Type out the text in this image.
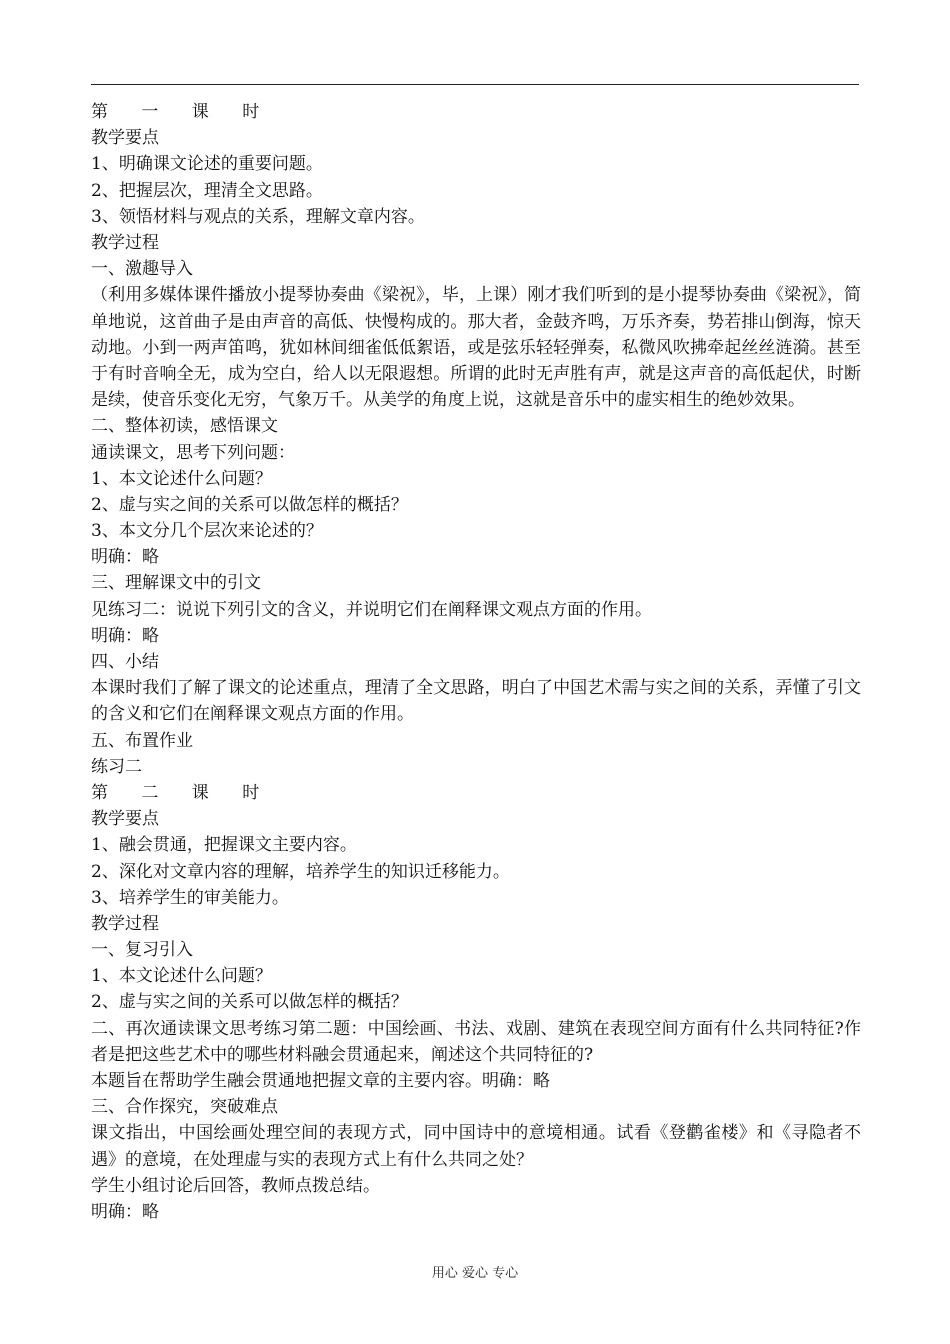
第 一 课 时
教学要点
1、明确课文论述的重要问题。
2、把握层次，理清全文思路。
3、领悟材料与观点的关系，理解文章内容。
教学过程
一、激趣导入
（利用多媒体课件播放小提琴协奏曲《梁祝》，毕，上课）刚才我们听到的是小提琴协奏曲《梁祝》，简单地说，这首曲子是由声音的高低、快慢构成的。那大者，金鼓齐鸣，万乐齐奏，势若排山倒海，惊天动地。小到一两声笛鸣，犹如林间细雀低低絮语，或是弦乐轻轻弹奏，私微风吹拂牵起丝丝涟漪。甚至于有时音响全无，成为空白，给人以无限遐想。所谓的此时无声胜有声，就是这声音的高低起伏，时断是续，使音乐变化无穷，气象万千。从美学的角度上说，这就是音乐中的虚实相生的绝妙效果。
二、整体初读，感悟课文
通读课文，思考下列问题：
1、本文论述什么问题？
2、虚与实之间的关系可以做怎样的概括？
3、本文分几个层次来论述的？
明确：略
三、理解课文中的引文
见练习二：说说下列引文的含义，并说明它们在阐释课文观点方面的作用。
明确：略
四、小结
本课时我们了解了课文的论述重点，理清了全文思路，明白了中国艺术需与实之间的关系，弄懂了引文的含义和它们在阐释课文观点方面的作用。
五、布置作业
练习二
第 二 课 时
教学要点
1、融会贯通，把握课文主要内容。
2、深化对文章内容的理解，培养学生的知识迁移能力。
3、培养学生的审美能力。
教学过程
一、复习引入
1、本文论述什么问题？
2、虚与实之间的关系可以做怎样的概括？
二、再次通读课文思考练习第二题：中国绘画、书法、戏剧、建筑在表现空间方面有什么共同特征?作者是把这些艺术中的哪些材料融会贯通起来，阐述这个共同特征的?
本题旨在帮助学生融会贯通地把握文章的主要内容。明确：略
三、合作探究，突破难点
课文指出，中国绘画处理空间的表现方式，同中国诗中的意境相通。试看《登鹳雀楼》和《寻隐者不遇》的意境，在处理虚与实的表现方式上有什么共同之处？
学生小组讨论后回答，教师点拨总结。
明确：略
用心 爱心 专心
